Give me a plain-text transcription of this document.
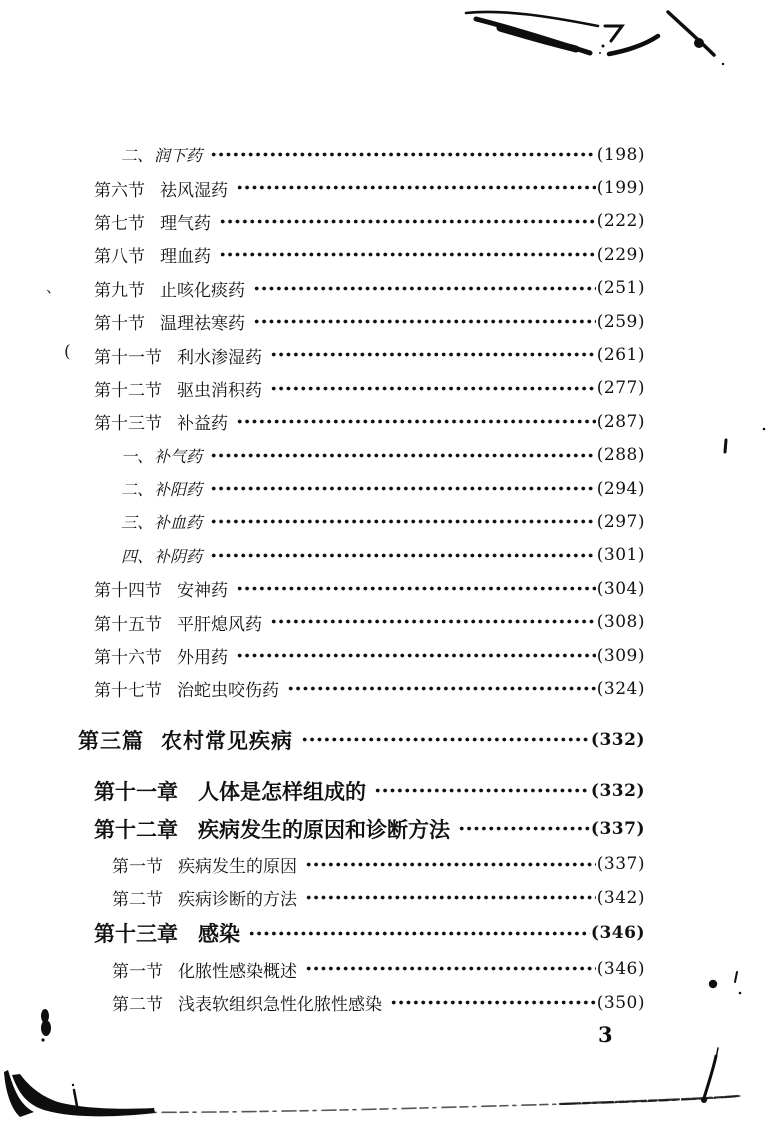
、
(
二、 润下药	(198)
第六节 祛风湿药	(199)
第七节 理气药	(222)
第八节 理血药	(229)
第九节 止咳化痰药	(251)
第十节 温理祛寒药	(259)
第十一节 利水渗湿药	(261)
第十二节 驱虫消积药	(277)
第十三节 补益药	(287)
一、 补气药	(288)
二、 补阳药	(294)
三、 补血药	(297)
四、 补阴药	(301)
第十四节 安神药	(304)
第十五节 平肝熄风药	(308)
第十六节 外用药	(309)
第十七节 治蛇虫咬伤药	(324)
第三篇 农村常见疾病	(332)
第十一章 人体是怎样组成的	(332)
第十二章 疾病发生的原因和诊断方法	(337)
第一节 疾病发生的原因	(337)
第二节 疾病诊断的方法	(342)
第十三章 感染	(346)
第一节 化脓性感染概述	(346)
第二节 浅表软组织急性化脓性感染	(350)
3
